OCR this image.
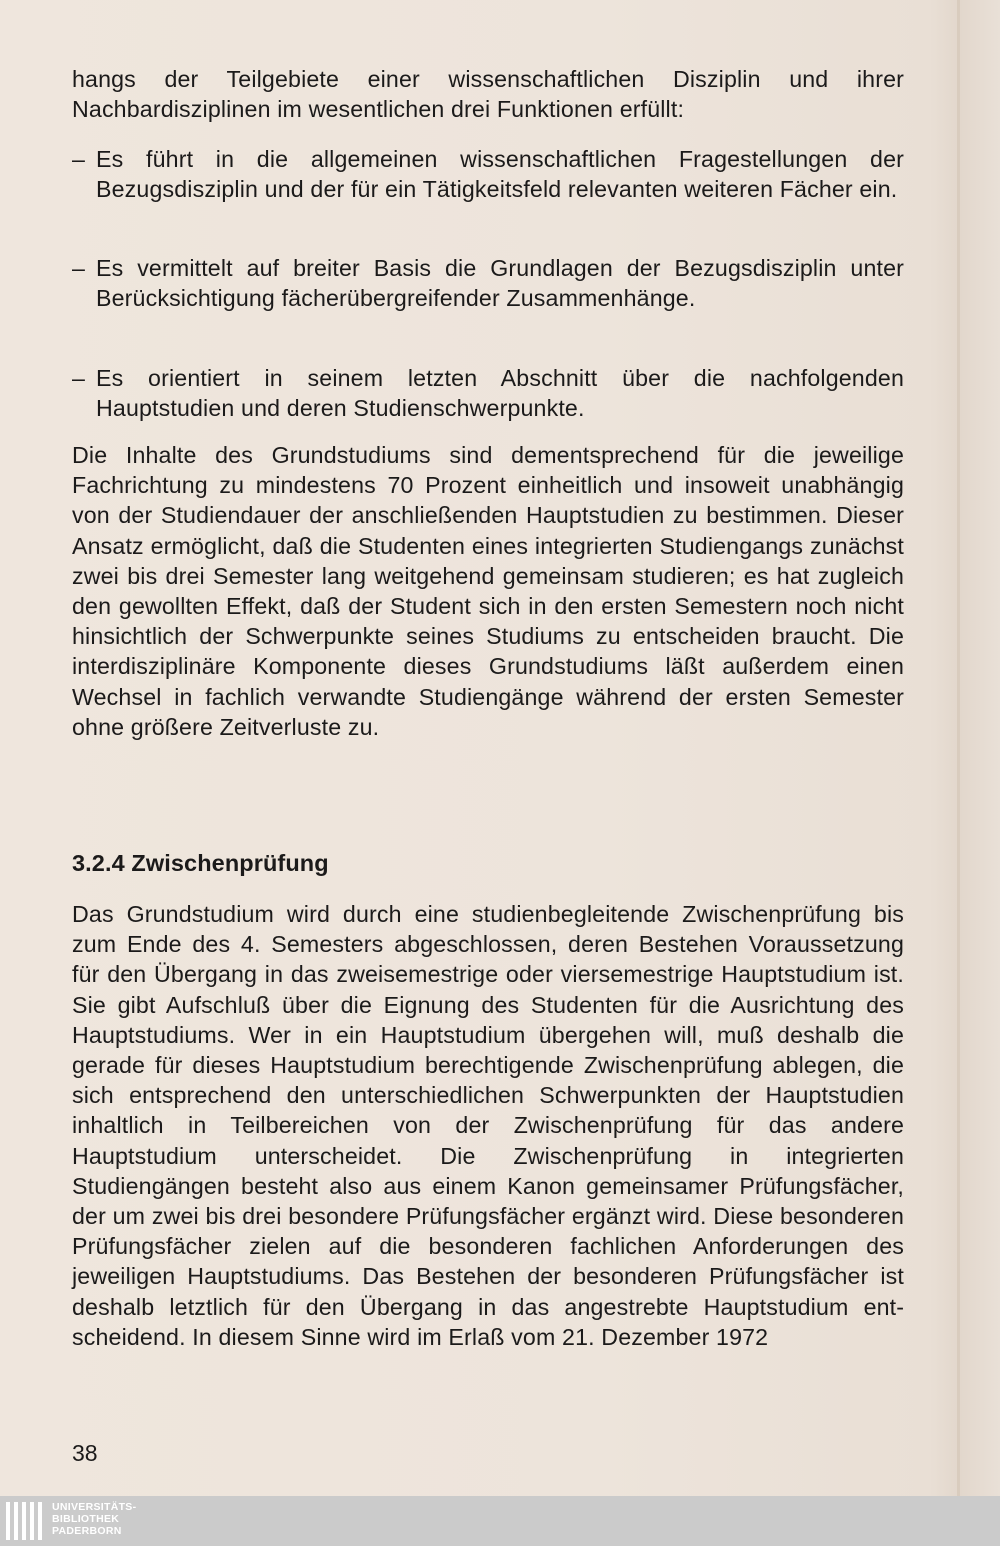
hangs der Teilgebiete einer wissenschaftlichen Disziplin und ihrer Nachbardisziplinen im wesentlichen drei Funktionen erfüllt:

– Es führt in die allgemeinen wissenschaftlichen Fragestellungen der Bezugsdisziplin und der für ein Tätigkeitsfeld relevanten weiteren Fächer ein.
– Es vermittelt auf breiter Basis die Grundlagen der Bezugsdisziplin unter Berücksichtigung fächerübergreifender Zusammenhänge.
– Es orientiert in seinem letzten Abschnitt über die nachfolgenden Hauptstudien und deren Studienschwerpunkte.

Die Inhalte des Grundstudiums sind dementsprechend für die jeweilige Fachrichtung zu mindestens 70 Prozent einheitlich und insoweit unabhängig von der Studiendauer der anschließenden Hauptstudien zu bestimmen. Dieser Ansatz ermöglicht, daß die Studenten eines integrierten Studiengangs zunächst zwei bis drei Semester lang weitgehend gemeinsam studieren; es hat zugleich den gewollten Effekt, daß der Student sich in den ersten Semestern noch nicht hinsichtlich der Schwerpunkte seines Studiums zu entscheiden braucht. Die interdisziplinäre Komponente dieses Grundstudiums läßt außerdem einen Wechsel in fachlich verwandte Studiengänge während der ersten Semester ohne größere Zeitverluste zu.

3.2.4 Zwischenprüfung

Das Grundstudium wird durch eine studienbegleitende Zwischenprüfung bis zum Ende des 4. Semesters abgeschlossen, deren Bestehen Voraussetzung für den Übergang in das zweisemestrige oder viersemestrige Hauptstudium ist. Sie gibt Aufschluß über die Eignung des Studenten für die Ausrichtung des Hauptstudiums. Wer in ein Hauptstudium übergehen will, muß deshalb die gerade für dieses Hauptstudium berechtigende Zwischenprüfung ablegen, die sich entsprechend den unterschiedlichen Schwerpunkten der Hauptstudien inhaltlich in Teilbereichen von der Zwischenprüfung für das andere Hauptstudium unterscheidet. Die Zwischenprüfung in integrierten Studiengängen besteht also aus einem Kanon gemeinsamer Prüfungsfächer, der um zwei bis drei besondere Prüfungsfächer ergänzt wird. Diese besonderen Prüfungsfächer zielen auf die besonderen fachlichen Anforderungen des jeweiligen Hauptstudiums. Das Bestehen der besonderen Prüfungsfächer ist deshalb letztlich für den Übergang in das angestrebte Hauptstudium entscheidend. In diesem Sinne wird im Erlaß vom 21. Dezember 1972

38
UNIVERSITÄTS-
BIBLIOTHEK
PADERBORN
